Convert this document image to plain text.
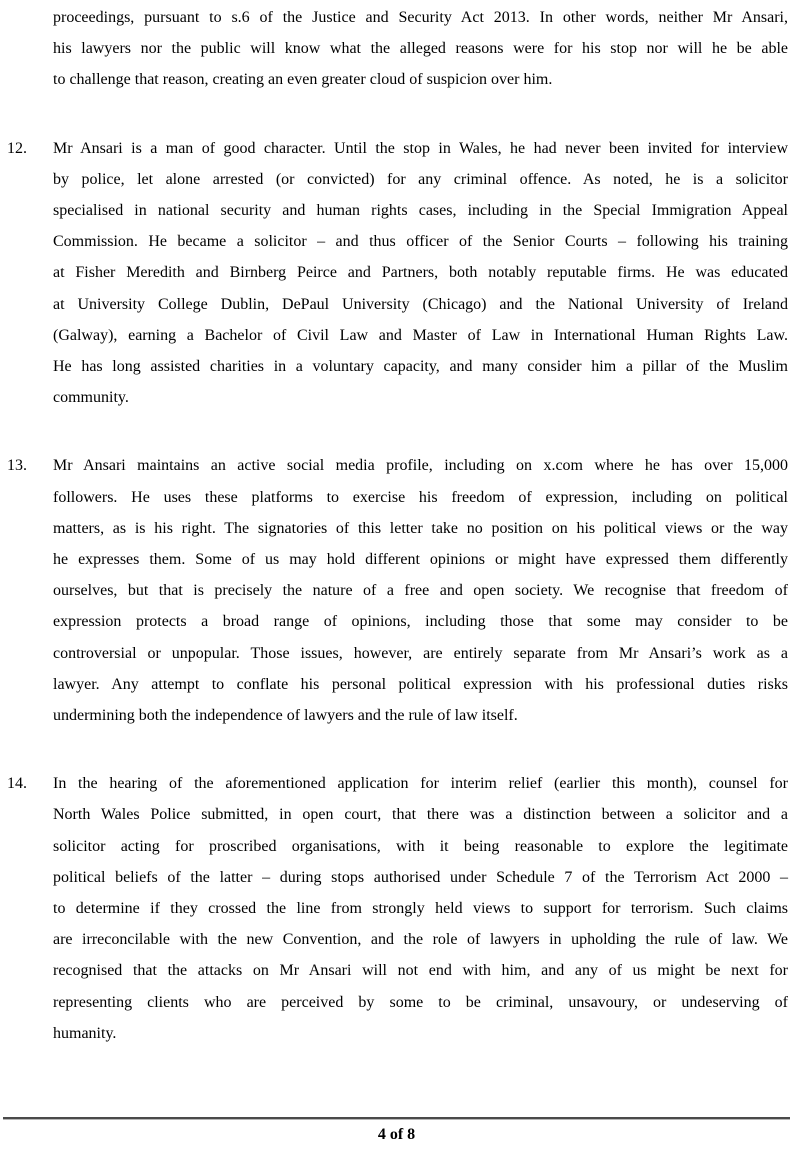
proceedings, pursuant to s.6 of the Justice and Security Act 2013. In other words, neither Mr Ansari,
his lawyers nor the public will know what the alleged reasons were for his stop nor will he be able
to challenge that reason, creating an even greater cloud of suspicion over him.
12. Mr Ansari is a man of good character. Until the stop in Wales, he had never been invited for interview
by police, let alone arrested (or convicted) for any criminal offence. As noted, he is a solicitor
specialised in national security and human rights cases, including in the Special Immigration Appeal
Commission. He became a solicitor – and thus officer of the Senior Courts – following his training
at Fisher Meredith and Birnberg Peirce and Partners, both notably reputable firms. He was educated
at University College Dublin, DePaul University (Chicago) and the National University of Ireland
(Galway), earning a Bachelor of Civil Law and Master of Law in International Human Rights Law.
He has long assisted charities in a voluntary capacity, and many consider him a pillar of the Muslim
community.
13. Mr Ansari maintains an active social media profile, including on x.com where he has over 15,000
followers. He uses these platforms to exercise his freedom of expression, including on political
matters, as is his right. The signatories of this letter take no position on his political views or the way
he expresses them. Some of us may hold different opinions or might have expressed them differently
ourselves, but that is precisely the nature of a free and open society. We recognise that freedom of
expression protects a broad range of opinions, including those that some may consider to be
controversial or unpopular. Those issues, however, are entirely separate from Mr Ansari’s work as a
lawyer. Any attempt to conflate his personal political expression with his professional duties risks
undermining both the independence of lawyers and the rule of law itself.
14. In the hearing of the aforementioned application for interim relief (earlier this month), counsel for
North Wales Police submitted, in open court, that there was a distinction between a solicitor and a
solicitor acting for proscribed organisations, with it being reasonable to explore the legitimate
political beliefs of the latter – during stops authorised under Schedule 7 of the Terrorism Act 2000 –
to determine if they crossed the line from strongly held views to support for terrorism. Such claims
are irreconcilable with the new Convention, and the role of lawyers in upholding the rule of law. We
recognised that the attacks on Mr Ansari will not end with him, and any of us might be next for
representing clients who are perceived by some to be criminal, unsavoury, or undeserving of
humanity.
4 of 8
